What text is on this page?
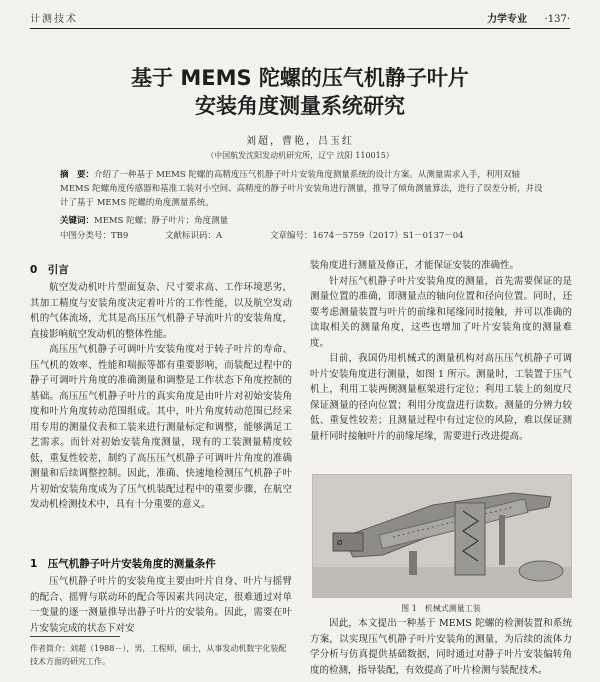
计测技术	力学专业 ·137·
基于 MEMS 陀螺的压气机静子叶片
安装角度测量系统研究
刘超，曹艳，吕玉红
（中国航发沈阳发动机研究所，辽宁 沈阳 110015）
摘　要：介绍了一种基于 MEMS 陀螺的高精度压气机静子叶片安装角度测量系统的设计方案。从测量需求入手，利用双轴 MEMS 陀螺角度传感器和基准工装对小空间、高精度的静子叶片安装角进行测量，推导了倾角测量算法，进行了误差分析，并设计了基于 MEMS 陀螺的角度测量系统。
关键词：MEMS 陀螺；静子叶片；角度测量
中图分类号：TB9	文献标识码：A	文章编号：1674－5759（2017）S1－0137－04
0　引言

航空发动机叶片型面复杂、尺寸要求高、工作环境恶劣，其加工精度与安装角度决定着叶片的工作性能，以及航空发动机的气体流场，尤其是高压压气机静子导流叶片的安装角度，直接影响航空发动机的整体性能。

高压压气机静子可调叶片安装角度对于转子叶片的寿命、压气机的效率、性能和喘振等都有重要影响，而装配过程中的静子可调叶片角度的准确测量和调整是工作状态下角度控制的基础。高压压气机静子叶片的真实角度是由叶片对初始安装角度和叶片角度转动范围组成。其中，叶片角度转动范围已经采用专用的测量仪表和工装来进行测量标定和调整，能够满足工艺需求。而针对初始安装角度测量，现有的工装测量精度较低，重复性较差，制约了高压压气机静子可调叶片角度的准确测量和后续调整控制。因此，准确、快速地检测压气机静子叶片初始安装角度成为了压气机装配过程中的重要步骤，在航空发动机检测技术中，具有十分重要的意义。

1　压气机静子叶片安装角度的测量条件

压气机静子叶片的安装角度主要由叶片自身、叶片与摇臂的配合、摇臂与联动环的配合等因素共同决定，很难通过对单一变量的逐一测量推导出静子叶片的安装角。因此，需要在叶片安装完成的状态下对安

作者简介：刘超（1988－），男，工程师，硕士，从事发动机数字化装配技术方面的研究工作。

装角度进行测量及修正，才能保证安装的准确性。

针对压气机静子叶片安装角度的测量，首先需要保证的是测量位置的准确，即测量点的轴向位置和径向位置。同时，还要考虑测量装置与叶片的前缘和尾缘同时接触，并可以准确的读取相关的测量角度，这些也增加了叶片安装角度的测量难度。

目前，我国仍用机械式的测量机构对高压压气机静子可调叶片安装角度进行测量，如图 1 所示。测量时，工装置于压气机上，利用工装两侧测量框架进行定位；利用工装上的刻度尺保证测量的径向位置；利用分度盘进行读数。测量的分辨力较低、重复性较差；且测量过程中有过定位的风险，难以保证测量杆同时接触叶片的前缘尾缘，需要进行改进提高。

Ø
图 1　机械式测量工装

因此，本文提出一种基于 MEMS 陀螺的检测装置和系统方案，以实现压气机静子叶片安装角的测量，为后续的流体力学分析与仿真提供基础数据，同时通过对静子叶片安装偏转角度的检测，指导装配，有效提高了叶片检测与装配技术。
